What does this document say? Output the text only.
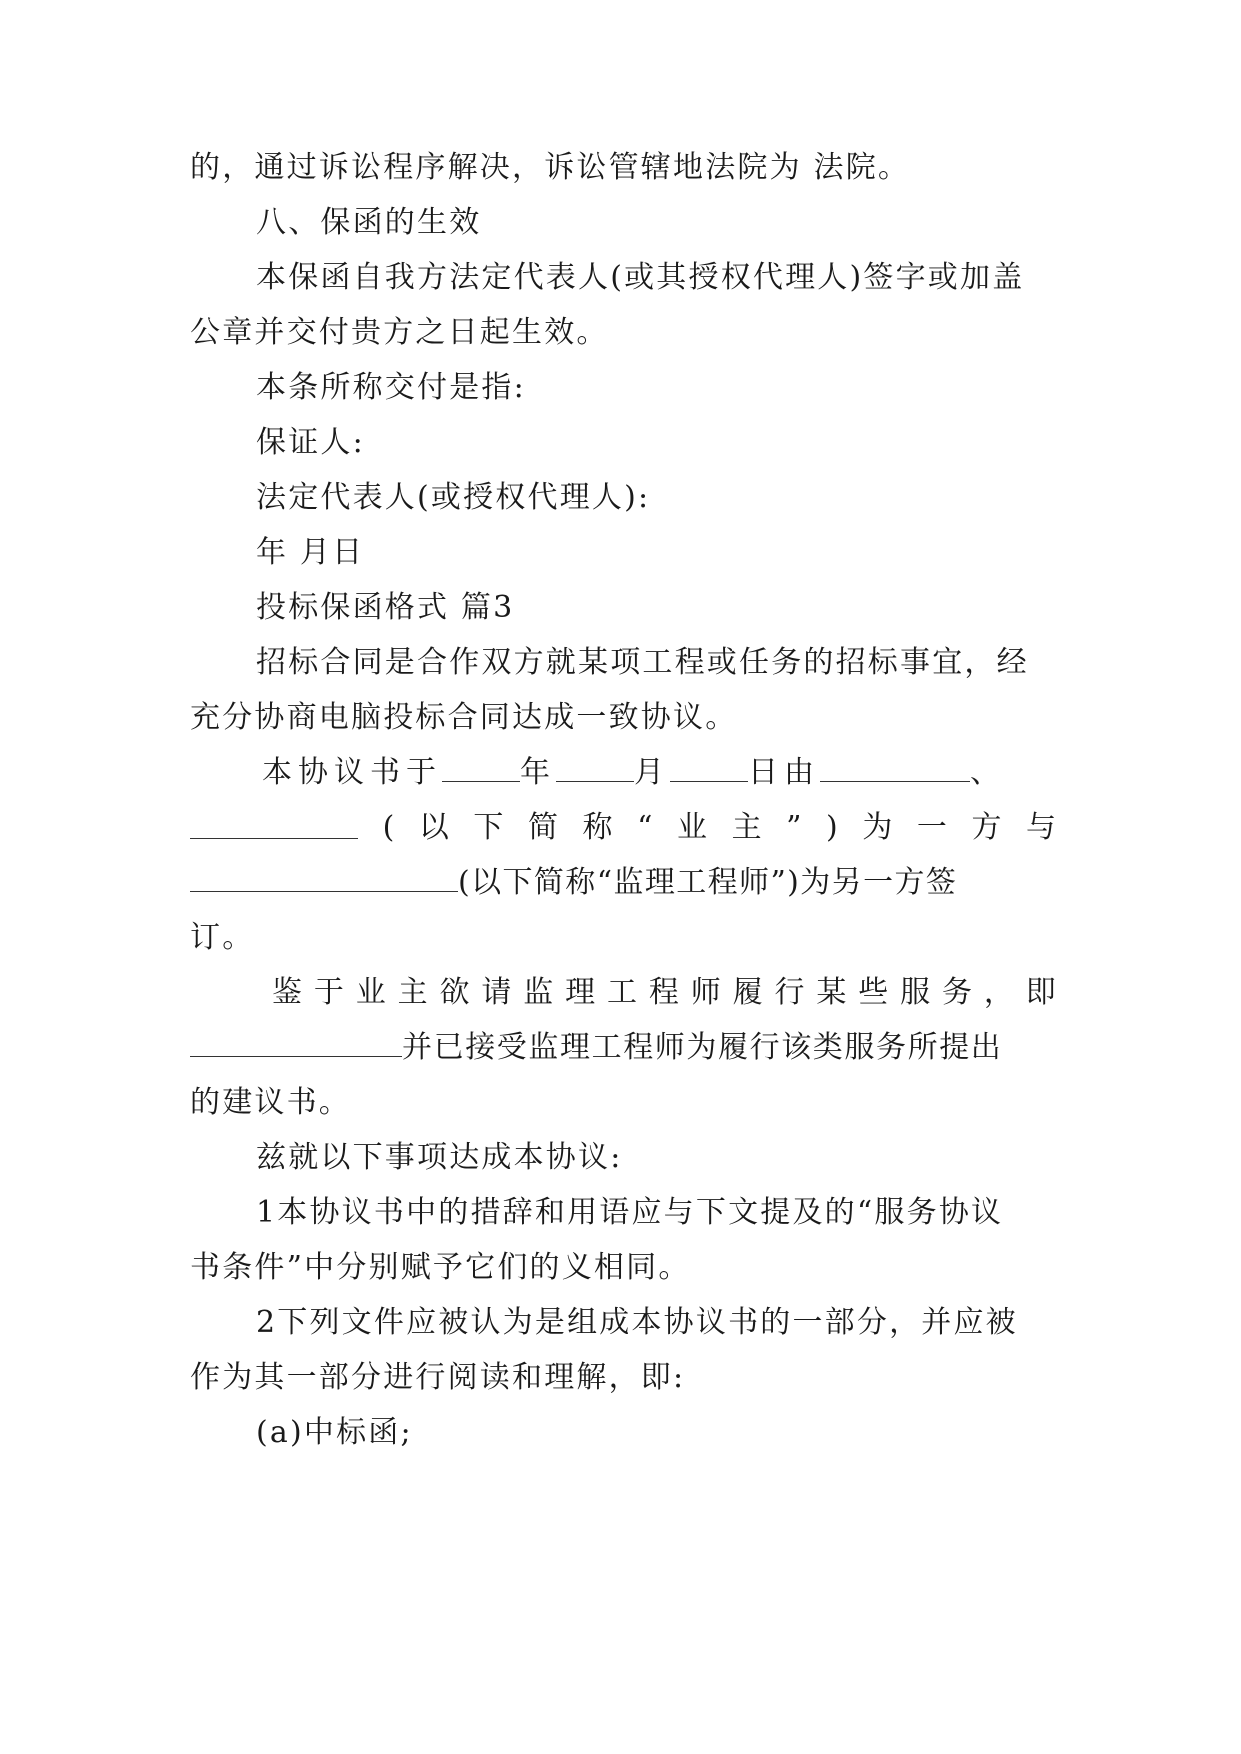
的，通过诉讼程序解决，诉讼管辖地法院为 法院。

八、保函的生效

本保函自我方法定代表人(或其授权代理人)签字或加盖

公章并交付贵方之日起生效。

本条所称交付是指:

保证人:

法定代表人(或授权代理人):

年 月日

投标保函格式 篇3

招标合同是合作双方就某项工程或任务的招标事宜，经

充分协商电脑投标合同达成一致协议。

本协议书于	年	月	日由	、

( 以 下 简 称 “ 业 主 ” ) 为 一 方 与

(以下简称“监理工程师”)为另一方签

订。

鉴 于 业 主 欲 请 监 理 工 程 师 履 行 某 些 服 务 ， 即

并已接受监理工程师为履行该类服务所提出

的建议书。

兹就以下事项达成本协议:

1本协议书中的措辞和用语应与下文提及的“服务协议

书条件”中分别赋予它们的义相同。

2下列文件应被认为是组成本协议书的一部分，并应被

作为其一部分进行阅读和理解，即:

(a)中标函;
